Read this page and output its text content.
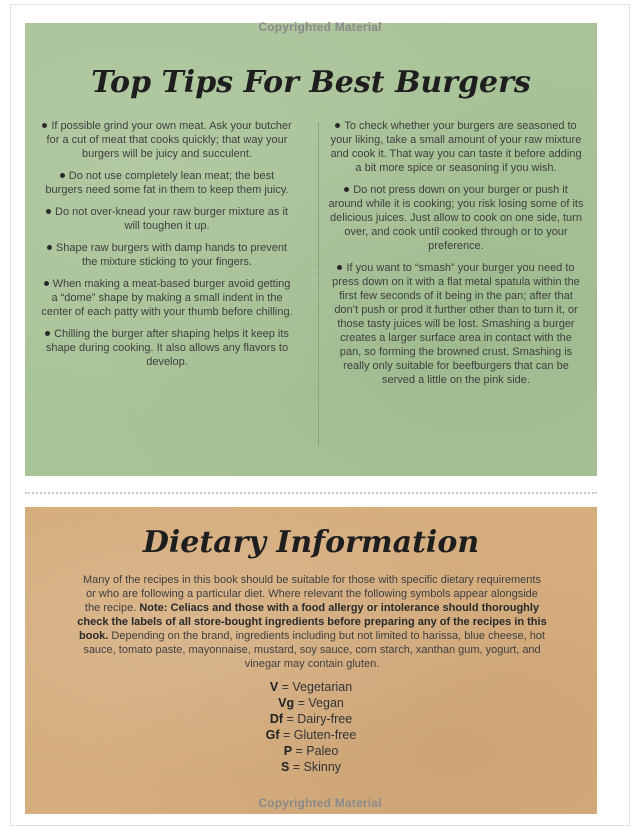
Copyrighted Material
Top Tips For Best Burgers

If possible grind your own meat. Ask your butcher for a cut of meat that cooks quickly; that way your burgers will be juicy and succulent.

Do not use completely lean meat; the best burgers need some fat in them to keep them juicy.

Do not over-knead your raw burger mixture as it will toughen it up.

Shape raw burgers with damp hands to prevent the mixture sticking to your fingers.

When making a meat-based burger avoid getting a “dome” shape by making a small indent in the center of each patty with your thumb before chilling.

Chilling the burger after shaping helps it keep its shape during cooking. It also allows any flavors to develop.

To check whether your burgers are seasoned to your liking, take a small amount of your raw mixture and cook it. That way you can taste it before adding a bit more spice or seasoning if you wish.

Do not press down on your burger or push it around while it is cooking; you risk losing some of its delicious juices. Just allow to cook on one side, turn over, and cook until cooked through or to your preference.

If you want to “smash” your burger you need to press down on it with a flat metal spatula within the first few seconds of it being in the pan; after that don’t push or prod it further other than to turn it, or those tasty juices will be lost. Smashing a burger creates a larger surface area in contact with the pan, so forming the browned crust. Smashing is really only suitable for beefburgers that can be served a little on the pink side.

Dietary Information
Many of the recipes in this book should be suitable for those with specific dietary requirements or who are following a particular diet. Where relevant the following symbols appear alongside the recipe. Note: Celiacs and those with a food allergy or intolerance should thoroughly check the labels of all store-bought ingredients before preparing any of the recipes in this book. Depending on the brand, ingredients including but not limited to harissa, blue cheese, hot sauce, tomato paste, mayonnaise, mustard, soy sauce, corn starch, xanthan gum, yogurt, and vinegar may contain gluten.

V = Vegetarian

Vg = Vegan

Df = Dairy-free

Gf = Gluten-free

P = Paleo

S = Skinny

Copyrighted Material
